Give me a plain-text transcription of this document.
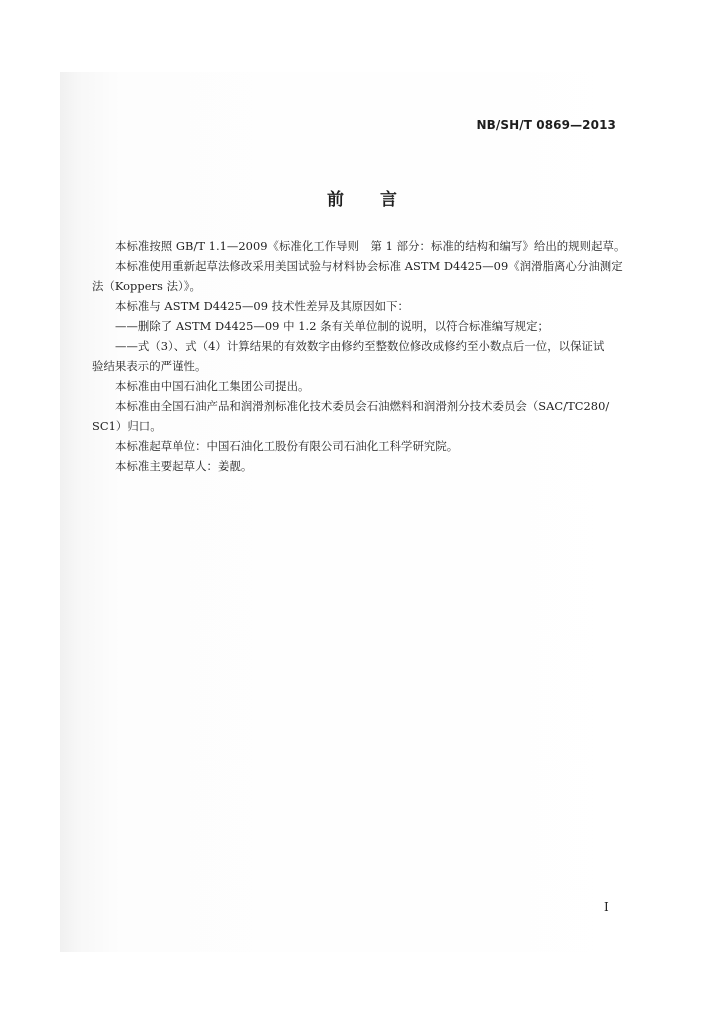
NB/SH/T 0869—2013
前言
本标准按照 GB/T 1.1—2009《标准化工作导则　第 1 部分：标准的结构和编写》给出的规则起草。
本标准使用重新起草法修改采用美国试验与材料协会标准 ASTM D4425—09《润滑脂离心分油测定
法（Koppers 法）》。
本标准与 ASTM D4425—09 技术性差异及其原因如下：
——删除了 ASTM D4425—09 中 1.2 条有关单位制的说明，以符合标准编写规定；
——式（3）、式（4）计算结果的有效数字由修约至整数位修改成修约至小数点后一位，以保证试
验结果表示的严谨性。
本标准由中国石油化工集团公司提出。
本标准由全国石油产品和润滑剂标准化技术委员会石油燃料和润滑剂分技术委员会（SAC/TC280/
SC1）归口。
本标准起草单位：中国石油化工股份有限公司石油化工科学研究院。
本标准主要起草人：姜靓。
I
